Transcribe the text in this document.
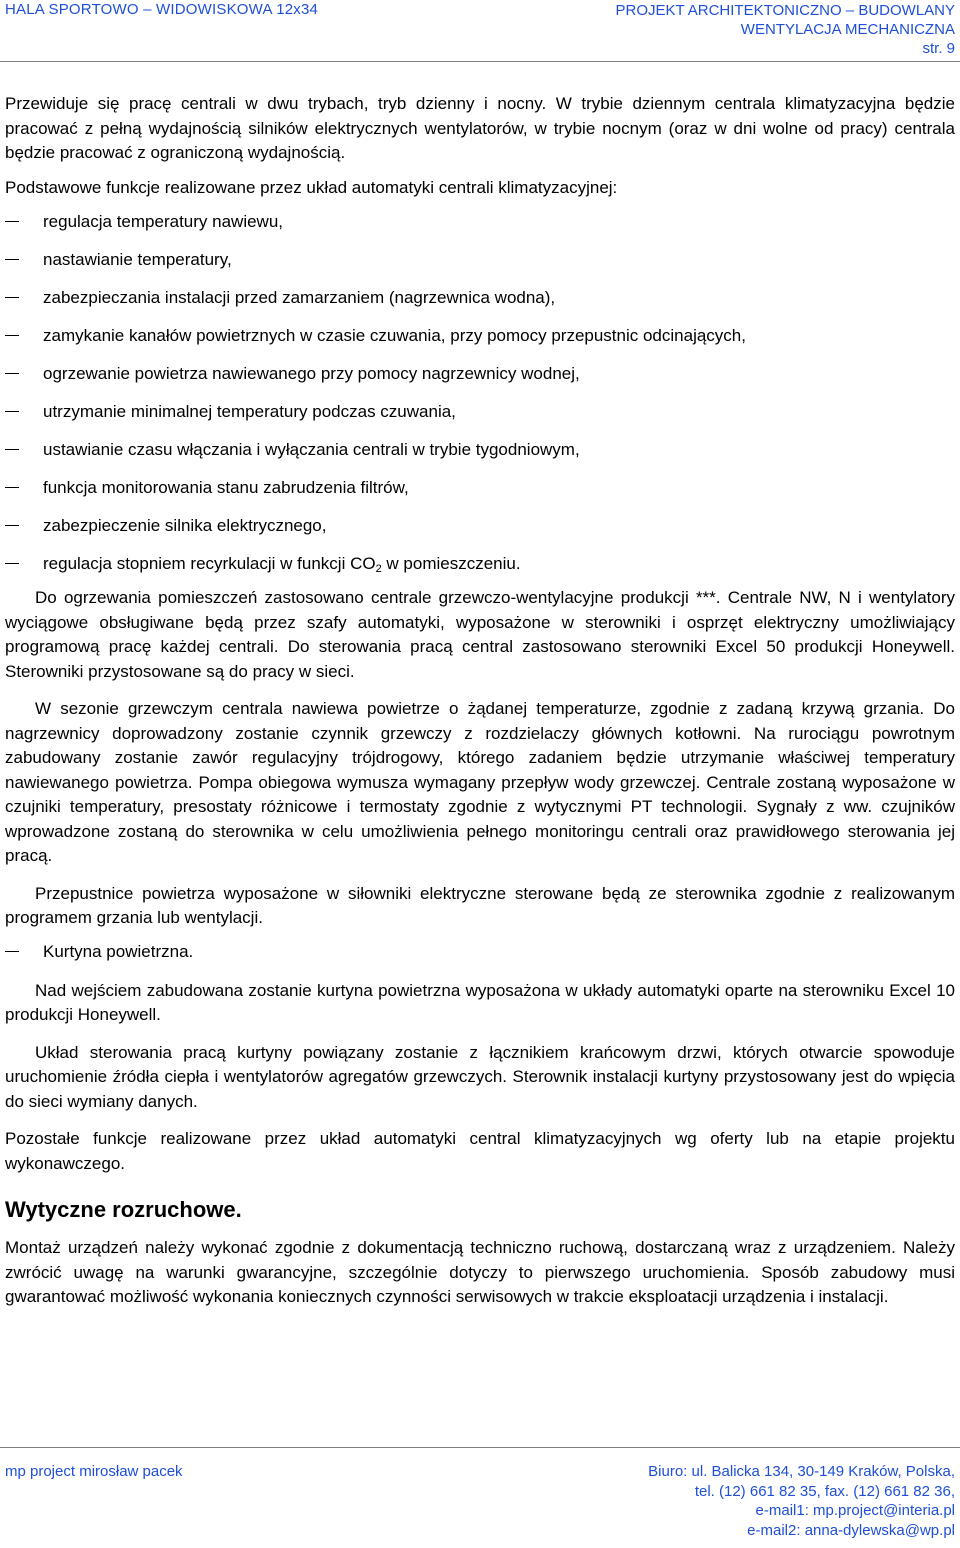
HALA SPORTOWO – WIDOWISKOWA 12x34	PROJEKT ARCHITEKTONICZNO – BUDOWLANY
WENTYLACJA MECHANICZNA
str. 9

Przewiduje się pracę centrali w dwu trybach, tryb dzienny i nocny. W trybie dziennym centrala klimatyzacyjna będzie pracować z pełną wydajnością silników elektrycznych wentylatorów, w trybie nocnym (oraz w dni wolne od pracy) centrala będzie pracować z ograniczoną wydajnością.

Podstawowe funkcje realizowane przez układ automatyki centrali klimatyzacyjnej:

regulacja temperatury nawiewu,
nastawianie temperatury,
zabezpieczania instalacji przed zamarzaniem (nagrzewnica wodna),
zamykanie kanałów powietrznych w czasie czuwania, przy pomocy przepustnic odcinających,
ogrzewanie powietrza nawiewanego przy pomocy nagrzewnicy wodnej,
utrzymanie minimalnej temperatury podczas czuwania,
ustawianie czasu włączania i wyłączania centrali w trybie tygodniowym,
funkcja monitorowania stanu zabrudzenia filtrów,
zabezpieczenie silnika elektrycznego,
regulacja stopniem recyrkulacji w funkcji $CO_2$ w pomieszczeniu.

Do ogrzewania pomieszczeń zastosowano centrale grzewczo-wentylacyjne produkcji ***. Centrale NW, N i wentylatory wyciągowe obsługiwane będą przez szafy automatyki, wyposażone w sterowniki i osprzęt elektryczny umożliwiający programową pracę każdej centrali. Do sterowania pracą central zastosowano sterowniki Excel 50 produkcji Honeywell. Sterowniki przystosowane są do pracy w sieci.

W sezonie grzewczym centrala nawiewa powietrze o żądanej temperaturze, zgodnie z zadaną krzywą grzania. Do nagrzewnicy doprowadzony zostanie czynnik grzewczy z rozdzielaczy głównych kotłowni. Na rurociągu powrotnym zabudowany zostanie zawór regulacyjny trójdrogowy, którego zadaniem będzie utrzymanie właściwej temperatury nawiewanego powietrza. Pompa obiegowa wymusza wymagany przepływ wody grzewczej. Centrale zostaną wyposażone w czujniki temperatury, presostaty różnicowe i termostaty zgodnie z wytycznymi PT technologii. Sygnały z ww. czujników wprowadzone zostaną do sterownika w celu umożliwienia pełnego monitoringu centrali oraz prawidłowego sterowania jej pracą.

Przepustnice powietrza wyposażone w siłowniki elektryczne sterowane będą ze sterownika zgodnie z realizowanym programem grzania lub wentylacji.

Kurtyna powietrzna.

Nad wejściem zabudowana zostanie kurtyna powietrzna wyposażona w układy automatyki oparte na sterowniku Excel 10 produkcji Honeywell.

Układ sterowania pracą kurtyny powiązany zostanie z łącznikiem krańcowym drzwi, których otwarcie spowoduje uruchomienie źródła ciepła i wentylatorów agregatów grzewczych. Sterownik instalacji kurtyny przystosowany jest do wpięcia do sieci wymiany danych.

Pozostałe funkcje realizowane przez układ automatyki central klimatyzacyjnych wg oferty lub na etapie projektu wykonawczego.

Wytyczne rozruchowe.

Montaż urządzeń należy wykonać zgodnie z dokumentacją techniczno ruchową, dostarczaną wraz z urządzeniem. Należy zwrócić uwagę na warunki gwarancyjne, szczególnie dotyczy to pierwszego uruchomienia. Sposób zabudowy musi gwarantować możliwość wykonania koniecznych czynności serwisowych w trakcie eksploatacji urządzenia i instalacji.

mp project mirosław pacek	Biuro: ul. Balicka 134, 30-149 Kraków, Polska,
tel. (12) 661 82 35, fax. (12) 661 82 36,
e-mail1: mp.project@interia.pl
e-mail2: anna-dylewska@wp.pl
